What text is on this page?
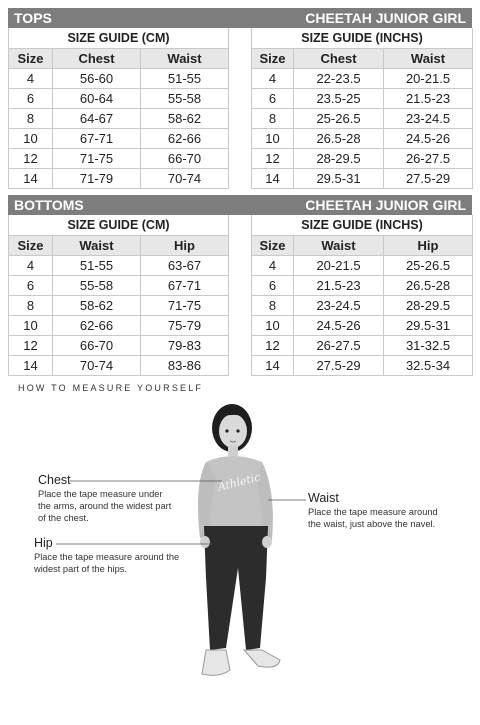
TOPS	CHEETAH JUNIOR GIRL
SIZE GUIDE (CM)		
Size	Chest	Waist
4	56-60	51-55
6	60-64	55-58
8	64-67	58-62
10	67-71	62-66
12	71-75	66-70
14	71-79	70-74
SIZE GUIDE (INCHS)		
Size	Chest	Waist
4	22-23.5	20-21.5
6	23.5-25	21.5-23
8	25-26.5	23-24.5
10	26.5-28	24.5-26
12	28-29.5	26-27.5
14	29.5-31	27.5-29
BOTTOMS	CHEETAH JUNIOR GIRL
SIZE GUIDE (CM)		
Size	Waist	Hip
4	51-55	63-67
6	55-58	67-71
8	58-62	71-75
10	62-66	75-79
12	66-70	79-83
14	70-74	83-86
SIZE GUIDE (INCHS)		
Size	Waist	Hip
4	20-21.5	25-26.5
6	21.5-23	26.5-28
8	23-24.5	28-29.5
10	24.5-26	29.5-31
12	26-27.5	31-32.5
14	27.5-29	32.5-34
HOW TO MEASURE YOURSELF
Athletic
Chest
Place the tape measure under
the arms, around the widest part
of the chest.
Waist
Place the tape measure around
the waist, just above the navel.
Hip
Place the tape measure around the
widest part of the hips.
